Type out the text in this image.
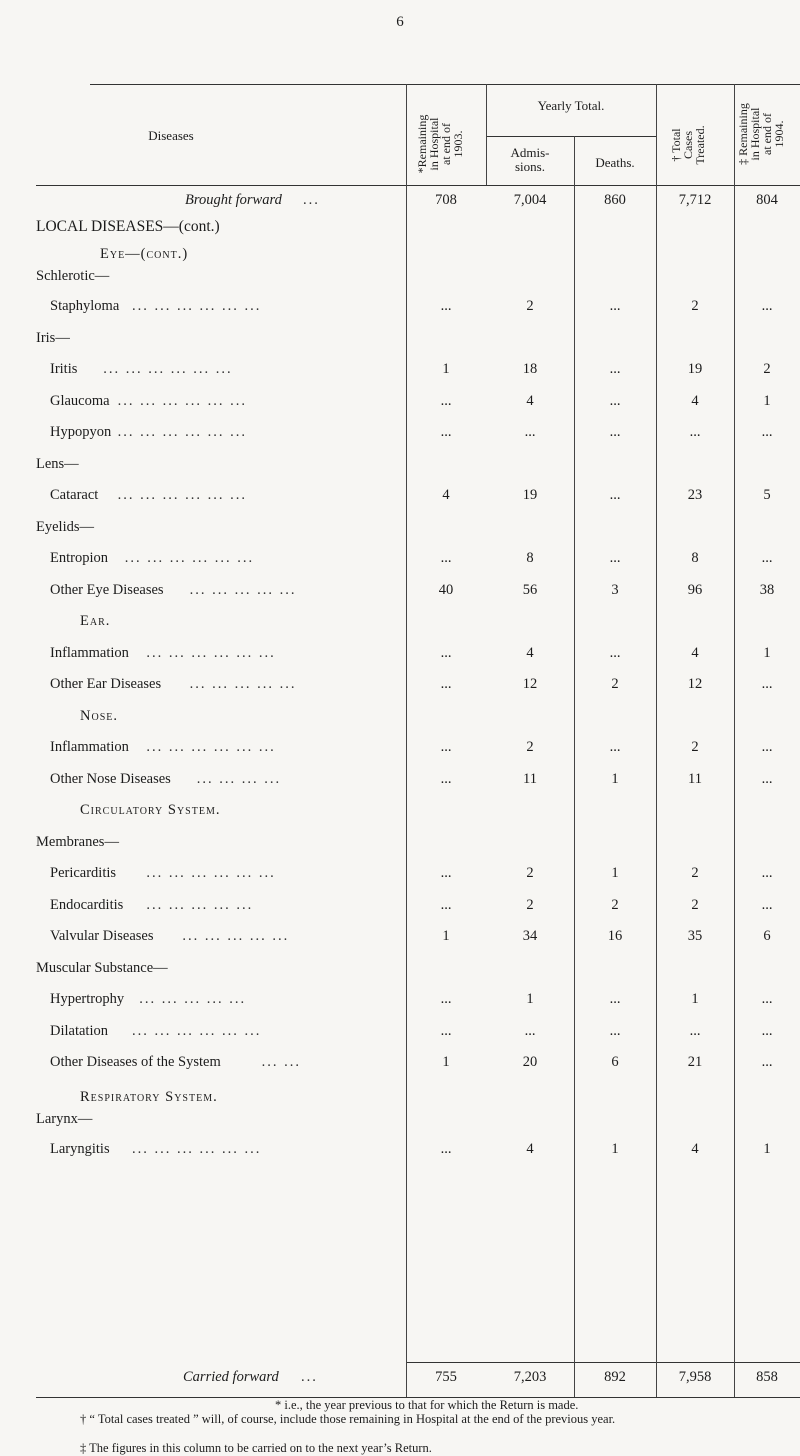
6
Diseases	*Remaining
in Hospital
at end of
1903.
Yearly Total.
Admis-
sions.	Deaths.	† Total
Cases
Treated.	‡ Remaining
in Hospital
at end of
1904.
Brought forward ...	708	7,004	860	7,712	804
LOCAL DISEASES—(cont.)
Eye—(cont.)
Schlerotic—
Staphyloma ... ... ... ... ... ...	...	2	...	2	...
Iris—
Iritis ... ... ... ... ... ...	1	18	...	19	2
Glaucoma ... ... ... ... ... ...	...	4	...	4	1
Hypopyon ... ... ... ... ... ...	...	...	...	...	...
Lens—
Cataract ... ... ... ... ... ...	4	19	...	23	5
Eyelids—
Entropion ... ... ... ... ... ...	...	8	...	8	...
Other Eye Diseases ... ... ... ... ...	40	56	3	96	38
Ear.
Inflammation ... ... ... ... ... ...	...	4	...	4	1
Other Ear Diseases ... ... ... ... ...	...	12	2	12	...
Nose.
Inflammation ... ... ... ... ... ...	...	2	...	2	...
Other Nose Diseases ... ... ... ...	...	11	1	11	...
Circulatory System.
Membranes—
Pericarditis ... ... ... ... ... ...	...	2	1	2	...
Endocarditis ... ... ... ... ...	...	2	2	2	...
Valvular Diseases ... ... ... ... ...	1	34	16	35	6
Muscular Substance—
Hypertrophy ... ... ... ... ...	...	1	...	1	...
Dilatation ... ... ... ... ... ...	...	...	...	...	...
Other Diseases of the System	... ...	1	20	6	21	...
Respiratory System.
Larynx—
Laryngitis ... ... ... ... ... ...	...	4	1	4	1
Carried forward ...	755	7,203	892	7,958	858
* i.e., the year previous to that for which the Return is made.
† “ Total cases treated ” will, of course, include those remaining in Hospital at the end of the previous year.
‡ The figures in this column to be carried on to the next year’s Return.
